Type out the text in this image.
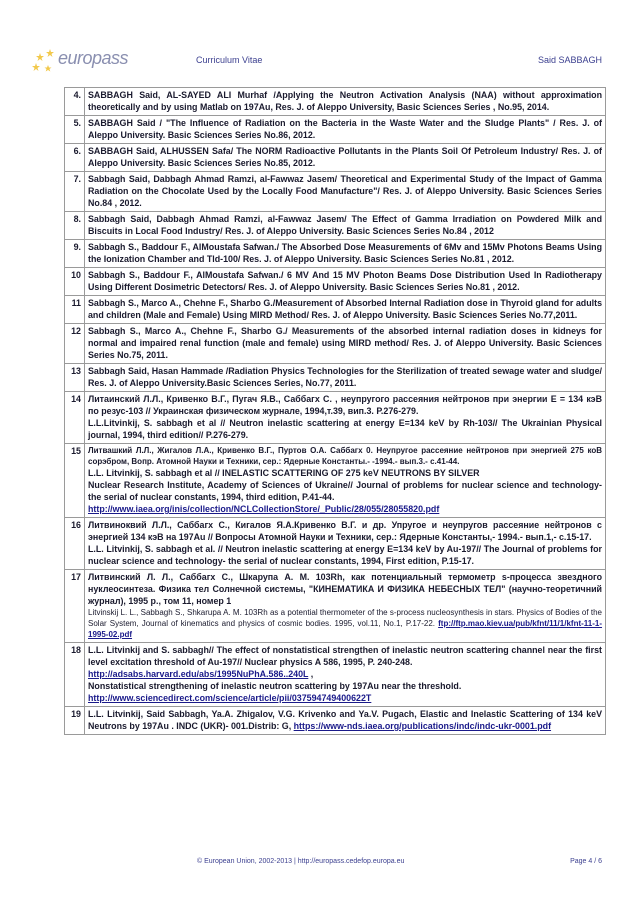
europass	Curriculum Vitae	Said SABBAGH
4.	SABBAGH Said, AL-SAYED ALI Murhaf /Applying the Neutron Activation Analysis (NAA) without approximation theoretically and by using Matlab on 197Au, Res. J. of Aleppo University, Basic Sciences Series , No.95, 2014.

5.	SABBAGH Said / "The Influence of Radiation on the Bacteria in the Waste Water and the Sludge Plants" / Res. J. of Aleppo University. Basic Sciences Series No.86, 2012.

6.	SABBAGH Said, ALHUSSEN Safa/ The NORM Radioactive Pollutants in the Plants Soil Of Petroleum Industry/ Res. J. of Aleppo University. Basic Sciences Series No.85, 2012.

7.	Sabbagh Said, Dabbagh Ahmad Ramzi, al-Fawwaz Jasem/ Theoretical and Experimental Study of the Impact of Gamma Radiation on the Chocolate Used by the Locally Food Manufacture"/ Res. J. of Aleppo University. Basic Sciences Series No.84 , 2012.

8.	Sabbagh Said, Dabbagh Ahmad Ramzi, al-Fawwaz Jasem/ The Effect of Gamma Irradiation on Powdered Milk and Biscuits in Local Food Industry/ Res. J. of Aleppo University. Basic Sciences Series No.84 , 2012

9.	Sabbagh S., Baddour F., AlMoustafa Safwan./ The Absorbed Dose Measurements of 6Mv and 15Mv Photons Beams Using the Ionization Chamber and Tld-100/ Res. J. of Aleppo University. Basic Sciences Series No.81 , 2012.

10	Sabbagh S., Baddour F., AlMoustafa Safwan./ 6 MV And 15 MV Photon Beams Dose Distribution Used In Radiotherapy Using Different Dosimetric Detectors/ Res. J. of Aleppo University. Basic Sciences Series No.81 , 2012.

11	Sabbagh S., Marco A., Chehne F., Sharbo G./Measurement of Absorbed Internal Radiation dose in Thyroid gland for adults and children (Male and Female) Using MIRD Method/ Res. J. of Aleppo University. Basic Sciences Series No.77,2011.

12	Sabbagh S., Marco A., Chehne F., Sharbo G./ Measurements of the absorbed internal radiation doses in kidneys for normal and impaired renal function (male and female) using MIRD method/ Res. J. of Aleppo University. Basic Sciences Series No.75, 2011.

13	Sabbagh Said, Hasan Hammade /Radiation Physics Technologies for the Sterilization of treated sewage water and sludge/ Res. J. of Aleppo University.Basic Sciences Series, No.77, 2011.

14	Литаинский Л.Л., Кривенко В.Г., Пугач Я.В., Саббагх С. , неупругого рассеяния нейтронов при энергии E = 134 кэВ по резус-103 // Украинская физическом журнале, 1994,т.39, вип.3. Р.276-279.
L.L.Litvinkij, S. sabbagh et al // Neutron inelastic scattering at energy E=134 keV by Rh-103// The Ukrainian Physical journal, 1994, third edition// P.276-279.

15	Литвашкий Л.Л., Жигалов Л.А., Кривенко В.Г., Пуртов О.А. Саббагх 0. Неупругое рассеяние нейтронов при энергией 275 коВ сорэбром, Вопр. Атомной Науки и Техники, сер.: Ядерные Константы.- -1994.- вып.3.- с.41-44.
L.L. Litvinkij, S. sabbagh et al // INELASTIC SCATTERING OF 275 keV NEUTRONS BY SILVER
Nuclear Research Institute, Academy of Sciences of Ukraine// Journal of problems for nuclear science and technology- the serial of nuclear constants, 1994, third edition, P.41-44.
http://www.iaea.org/inis/collection/NCLCollectionStore/_Public/28/055/28055820.pdf

16	Литвиноквий Л.Л., Саббагх С., Кигалов Я.А.Кривенко В.Г. и др. Упругое и неупругов рассеяние нейтронов с энергией 134 кэВ на 197Au // Вопросы Атомной Науки и Техники, сер.: Ядерные Константы,- 1994.- вып.1,- с.15-17.
L.L. Litvinkij, S. sabbagh et al. // Neutron inelastic scattering at energy E=134 keV by Au-197// The Journal of problems for nuclear science and technology- the serial of nuclear constants, 1994, First edition, P.15-17.

17	Литвинский Л. Л., Саббагх С., Шкарупа А. М. 103Rh, как потенциальный термометр s-процесса звездного нуклеосинтеза. Физика тел Солнечной системы, "КИНЕМАТИКА И ФИЗИКА НЕБЕСНЫХ ТЕЛ" (научно-теоретичний журнал), 1995 р., том 11, номер 1
Litvinskij L. L., Sabbagh S., Shkarupa A. M. 103Rh as a potential thermometer of the s-process nucleosynthesis in stars. Physics of Bodies of the Solar System, Journal of kinematics and physics of cosmic bodies. 1995, vol.11, No.1, P.17-22. ftp://ftp.mao.kiev.ua/pub/kfnt/11/1/kfnt-11-1-1995-02.pdf

18	L.L. Litvinkij and S. sabbagh// The effect of nonstatistical strengthen of inelastic neutron scattering channel near the first level excitation threshold of Au-197// Nuclear physics A 586, 1995, P. 240-248.
http://adsabs.harvard.edu/abs/1995NuPhA.586..240L ,
Nonstatistical strengthening of inelastic neutron scattering by 197Au near the threshold.
http://www.sciencedirect.com/science/article/pii/037594749400622T

19	L.L. Litvinkij, Said Sabbagh, Ya.A. Zhigalov, V.G. Krivenko and Ya.V. Pugach, Elastic and Inelastic Scattering of 134 keV Neutrons by 197Au . INDC (UKR)- 001.Distrib: G, https://www-nds.iaea.org/publications/indc/indc-ukr-0001.pdf
© European Union, 2002-2013 | http://europass.cedefop.europa.eu	Page 4 / 6
